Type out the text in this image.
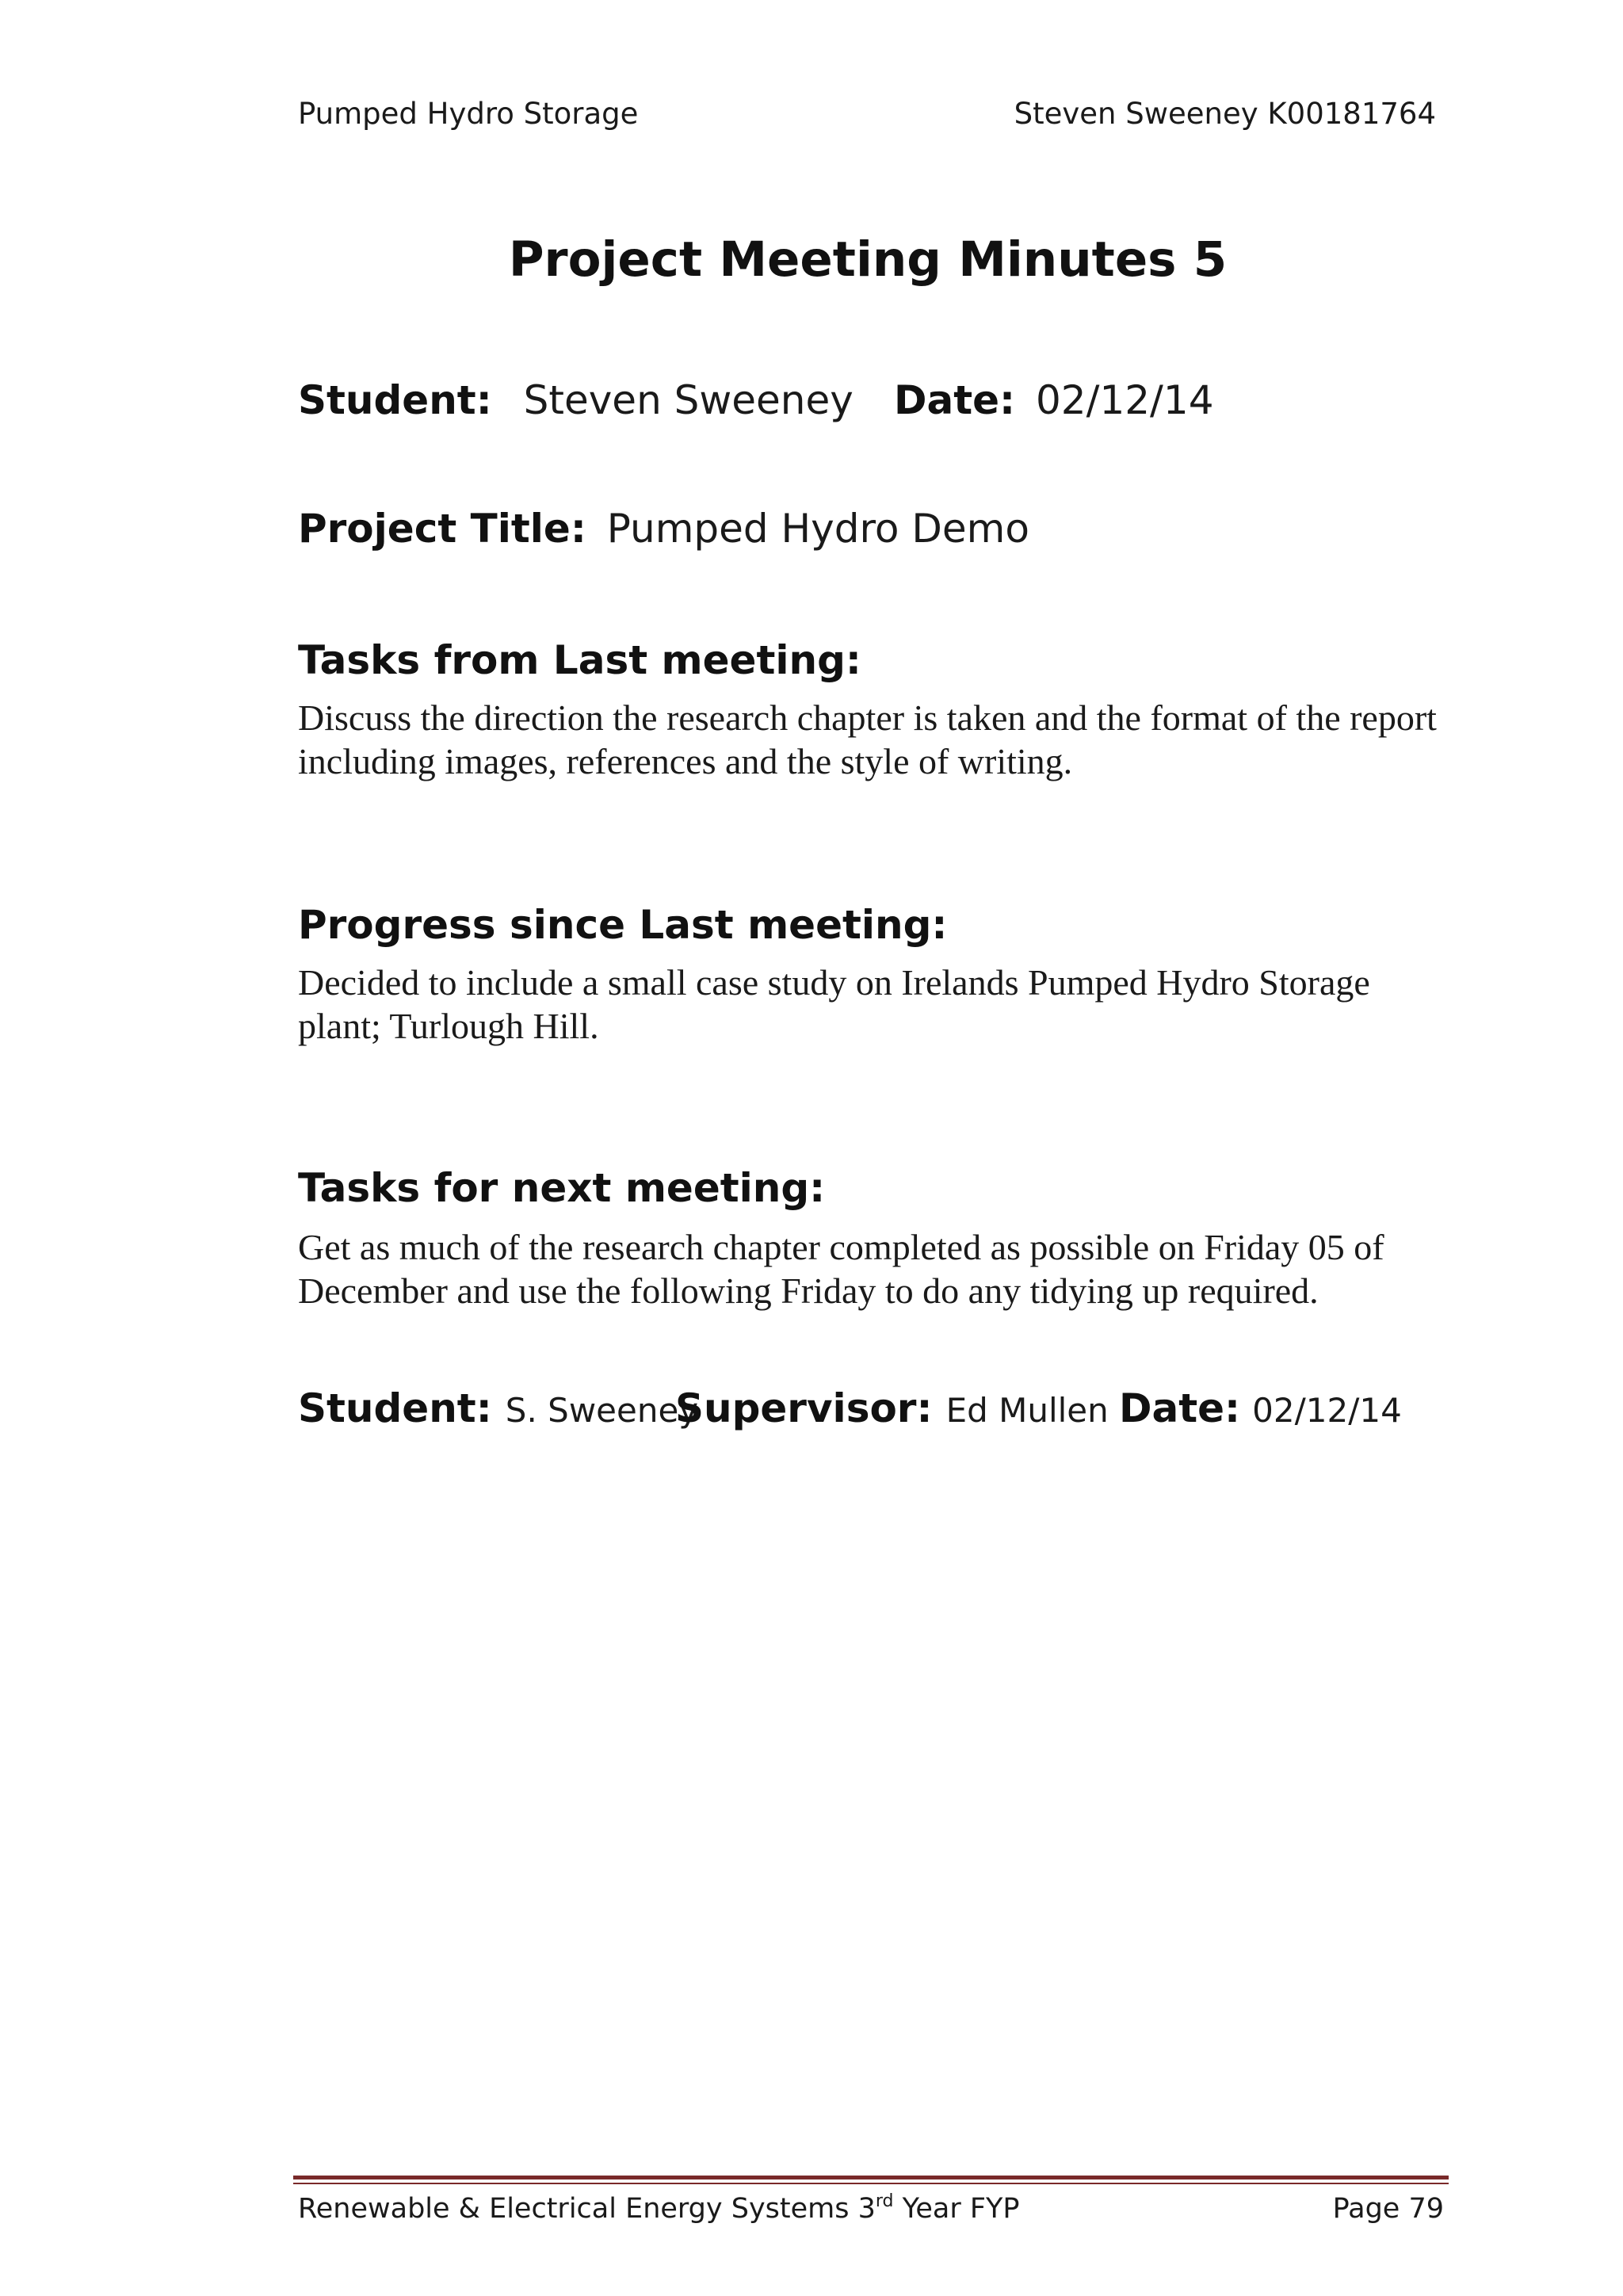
Pumped Hydro Storage	Steven Sweeney K00181764
Project Meeting Minutes 5
Student: Steven Sweeney Date: 02/12/14
Project Title: Pumped Hydro Demo
Tasks from Last meeting:
Discuss the direction the research chapter is taken and the format of the report including images, references and the style of writing.
Progress since Last meeting:
Decided to include a small case study on Irelands Pumped Hydro Storage plant; Turlough Hill.
Tasks for next meeting:
Get as much of the research chapter completed as possible on Friday 05 of December and use the following Friday to do any tidying up required.
Student: S. Sweeney
Supervisor: Ed Mullen Date: 02/12/14
Renewable & Electrical Energy Systems 3rd Year FYP	Page 79
